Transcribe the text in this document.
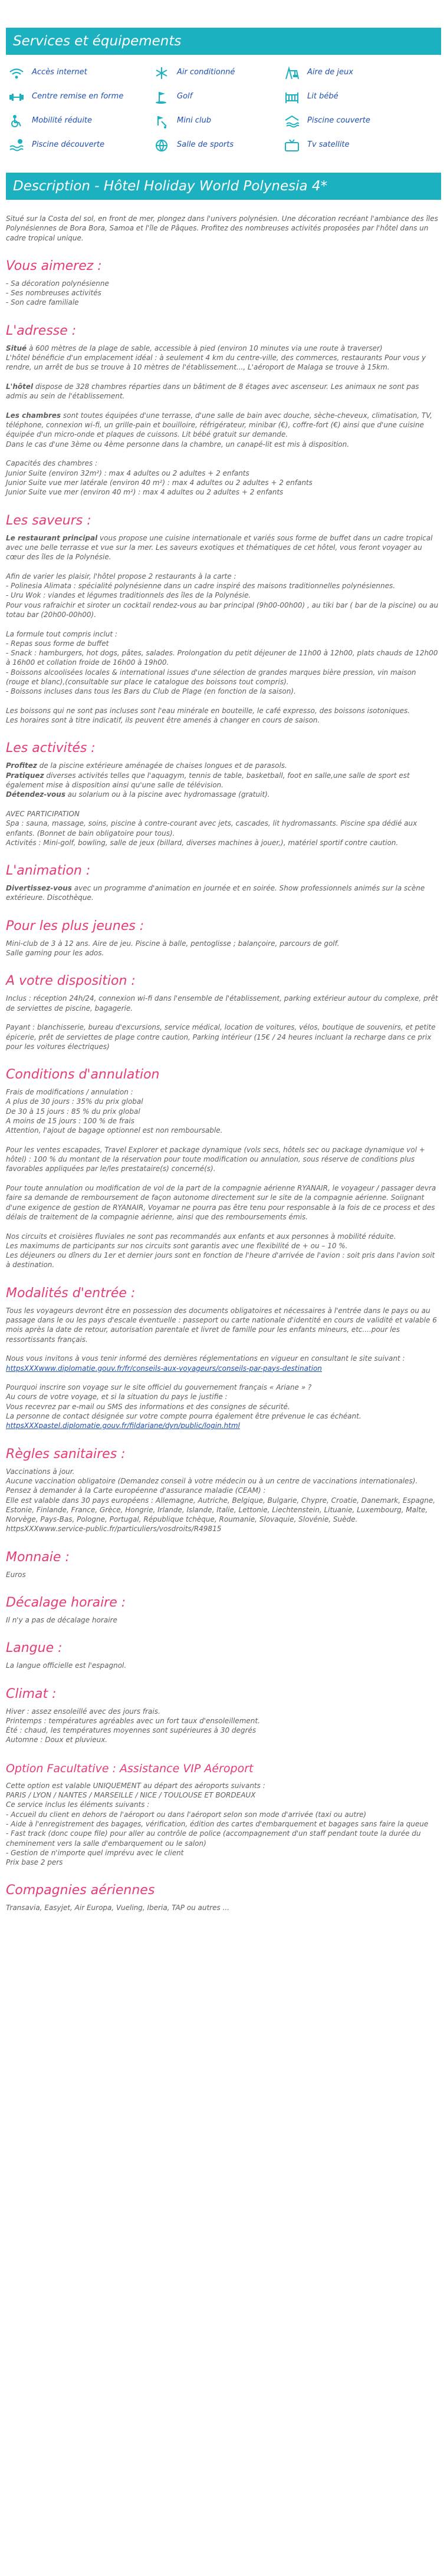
Services et équipements
Accès internet	Air conditionné	Aire de jeux
Centre remise en forme	Golf	Lit bébé
Mobilité réduite	Mini club	Piscine couverte
Piscine découverte	Salle de sports	Tv satellite
Description - Hôtel Holiday World Polynesia 4*

Situé sur la Costa del sol, en front de mer, plongez dans l'univers polynésien. Une décoration recréant l'ambiance des îles Polynésiennes de Bora Bora, Samoa et l'île de Pâques. Profitez des nombreuses activités proposées par l'hôtel dans un cadre tropical unique.

Vous aimerez :

- Sa décoration polynésienne

- Ses nombreuses activités

- Son cadre familiale

L'adresse :

Situé à 600 mètres de la plage de sable, accessible à pied (environ 10 minutes via une route à traverser)

L'hôtel bénéficie d'un emplacement idéal : à seulement 4 km du centre-ville, des commerces, restaurants Pour vous y rendre, un arrêt de bus se trouve à 10 mètres de l'établissement..., L'aéroport de Malaga se trouve à 15km.

L'hôtel dispose de 328 chambres réparties dans un bâtiment de 8 étages avec ascenseur. Les animaux ne sont pas admis au sein de l'établissement.

Les chambres sont toutes équipées d'une terrasse, d'une salle de bain avec douche, sèche-cheveux, climatisation, TV, téléphone, connexion wi-fi, un grille-pain et bouilloire, réfrigérateur, minibar (€), coffre-fort (€) ainsi que d'une cuisine équipée d'un micro-onde et plaques de cuissons. Lit bébé gratuit sur demande.

Dans le cas d'une 3ème ou 4ème personne dans la chambre, un canapé-lit est mis à disposition.

Capacités des chambres :

Junior Suite (environ 32m²) : max 4 adultes ou 2 adultes + 2 enfants

Junior Suite vue mer latérale (environ 40 m²) : max 4 adultes ou 2 adultes + 2 enfants

Junior Suite vue mer (environ 40 m²) : max 4 adultes ou 2 adultes + 2 enfants

Les saveurs :

Le restaurant principal vous propose une cuisine internationale et variés sous forme de buffet dans un cadre tropical avec une belle terrasse et vue sur la mer. Les saveurs exotiques et thématiques de cet hôtel, vous feront voyager au cœur des îles de la Polynésie.

Afin de varier les plaisir, l'hôtel propose 2 restaurants à la carte :

- Polinesia Alimata : spécialité polynésienne dans un cadre inspiré des maisons traditionnelles polynésiennes.

- Uru Wok : viandes et légumes traditionnels des îles de la Polynésie.

Pour vous rafraichir et siroter un cocktail rendez-vous au bar principal (9h00-00h00) , au tiki bar ( bar de la piscine) ou au totau bar (20h00-00h00).

La formule tout compris inclut :

- Repas sous forme de buffet

- Snack : hamburgers, hot dogs, pâtes, salades. Prolongation du petit déjeuner de 11h00 à 12h00, plats chauds de 12h00 à 16h00 et collation froide de 16h00 à 19h00.

- Boissons alcoolisées locales & international issues d'une sélection de grandes marques bière pression, vin maison (rouge et blanc),(consultable sur place le catalogue des boissons tout compris).

- Boissons incluses dans tous les Bars du Club de Plage (en fonction de la saison).

Les boissons qui ne sont pas incluses sont l'eau minérale en bouteille, le café expresso, des boissons isotoniques.

Les horaires sont à titre indicatif, ils peuvent être amenés à changer en cours de saison.

Les activités :

Profitez de la piscine extérieure aménagée de chaises longues et de parasols.

Pratiquez diverses activités telles que l'aquagym, tennis de table, basketball, foot en salle,une salle de sport est également mise à disposition ainsi qu'une salle de télévision.

Détendez-vous au solarium ou à la piscine avec hydromassage (gratuit).

AVEC PARTICIPATION

Spa : sauna, massage, soins, piscine à contre-courant avec jets, cascades, lit hydromassants. Piscine spa dédié aux enfants. (Bonnet de bain obligatoire pour tous).

Activités : Mini-golf, bowling, salle de jeux (billard, diverses machines à jouer,), matériel sportif contre caution.

L'animation :

Divertissez-vous avec un programme d'animation en journée et en soirée. Show professionnels animés sur la scène extérieure. Discothèque.

Pour les plus jeunes :

Mini-club de 3 à 12 ans. Aire de jeu. Piscine à balle, pentoglisse ; balançoire, parcours de golf.

Salle gaming pour les ados.

A votre disposition :

Inclus : réception 24h/24, connexion wi-fi dans l'ensemble de l'établissement, parking extérieur autour du complexe, prêt de serviettes de piscine, bagagerie.

Payant : blanchisserie, bureau d'excursions, service médical, location de voitures, vélos, boutique de souvenirs, et petite épicerie, prêt de serviettes de plage contre caution, Parking intérieur (15€ / 24 heures incluant la recharge dans ce prix pour les voitures électriques)

Conditions d'annulation

Frais de modifications / annulation :

A plus de 30 jours : 35% du prix global

De 30 à 15 jours : 85 % du prix global

A moins de 15 jours : 100 % de frais

Attention, l'ajout de bagage optionnel est non remboursable.

Pour les ventes escapades, Travel Explorer et package dynamique (vols secs, hôtels sec ou package dynamique vol + hôtel) : 100 % du montant de la réservation pour toute modification ou annulation, sous réserve de conditions plus favorables appliquées par le/les prestataire(s) concerné(s).

Pour toute annulation ou modification de vol de la part de la compagnie aérienne RYANAIR, le voyageur / passager devra faire sa demande de remboursement de façon autonome directement sur le site de la compagnie aérienne. Soiignant d'une exigence de gestion de RYANAIR, Voyamar ne pourra pas être tenu pour responsable à la fois de ce process et des délais de traitement de la compagnie aérienne, ainsi que des remboursements émis.

Nos circuits et croisières fluviales ne sont pas recommandés aux enfants et aux personnes à mobilité réduite.

Les maximums de participants sur nos circuits sont garantis avec une flexibilité de + ou – 10 %.

Les déjeuners ou dîners du 1er et dernier jours sont en fonction de l'heure d'arrivée de l'avion : soit pris dans l'avion soit à destination.

Modalités d'entrée :

Tous les voyageurs devront être en possession des documents obligatoires et nécessaires à l'entrée dans le pays ou au passage dans le ou les pays d'escale éventuelle : passeport ou carte nationale d'identité en cours de validité et valable 6 mois après la date de retour, autorisation parentale et livret de famille pour les enfants mineurs, etc....pour les ressortissants français.

Nous vous invitons à vous tenir informé des dernières réglementations en vigueur en consultant le site suivant :

httpsXXXwww.diplomatie.gouv.fr/fr/conseils-aux-voyageurs/conseils-par-pays-destination

Pourquoi inscrire son voyage sur le site officiel du gouvernement français « Ariane » ?

Au cours de votre voyage, et si la situation du pays le justifie :

Vous recevrez par e-mail ou SMS des informations et des consignes de sécurité.

La personne de contact désignée sur votre compte pourra également être prévenue le cas échéant.

httpsXXXpastel.diplomatie.gouv.fr/fildariane/dyn/public/login.html

Règles sanitaires :

Vaccinations à jour.

Aucune vaccination obligatoire (Demandez conseil à votre médecin ou à un centre de vaccinations internationales).

Pensez à demander à la Carte européenne d'assurance maladie (CEAM) :

Elle est valable dans 30 pays européens : Allemagne, Autriche, Belgique, Bulgarie, Chypre, Croatie, Danemark, Espagne, Estonie, Finlande, France, Grèce, Hongrie, Irlande, Islande, Italie, Lettonie, Liechtenstein, Lituanie, Luxembourg, Malte, Norvège, Pays-Bas, Pologne, Portugal, République tchèque, Roumanie, Slovaquie, Slovénie, Suède.

httpsXXXwww.service-public.fr/particuliers/vosdroits/R49815

Monnaie :

Euros

Décalage horaire :

Il n'y a pas de décalage horaire

Langue :

La langue officielle est l'espagnol.

Climat :

Hiver : assez ensoleillé avec des jours frais.

Printemps : températures agréables avec un fort taux d'ensoleillement.

Été : chaud, les températures moyennes sont supérieures à 30 degrés

Automne : Doux et pluvieux.

Option Facultative : Assistance VIP Aéroport

Cette option est valable UNIQUEMENT au départ des aéroports suivants :

PARIS / LYON / NANTES / MARSEILLE / NICE / TOULOUSE ET BORDEAUX

Ce service inclus les éléments suivants :

- Accueil du client en dehors de l'aéroport ou dans l'aéroport selon son mode d'arrivée (taxi ou autre)

- Aide à l'enregistrement des bagages, vérification, édition des cartes d'embarquement et bagages sans faire la queue

- Fast track (donc coupe file) pour aller au contrôle de police (accompagnement d'un staff pendant toute la durée du cheminement vers la salle d'embarquement ou le salon)

- Gestion de n'importe quel imprévu avec le client

Prix base 2 pers

Compagnies aériennes

Transavia, Easyjet, Air Europa, Vueling, Iberia, TAP ou autres ...
